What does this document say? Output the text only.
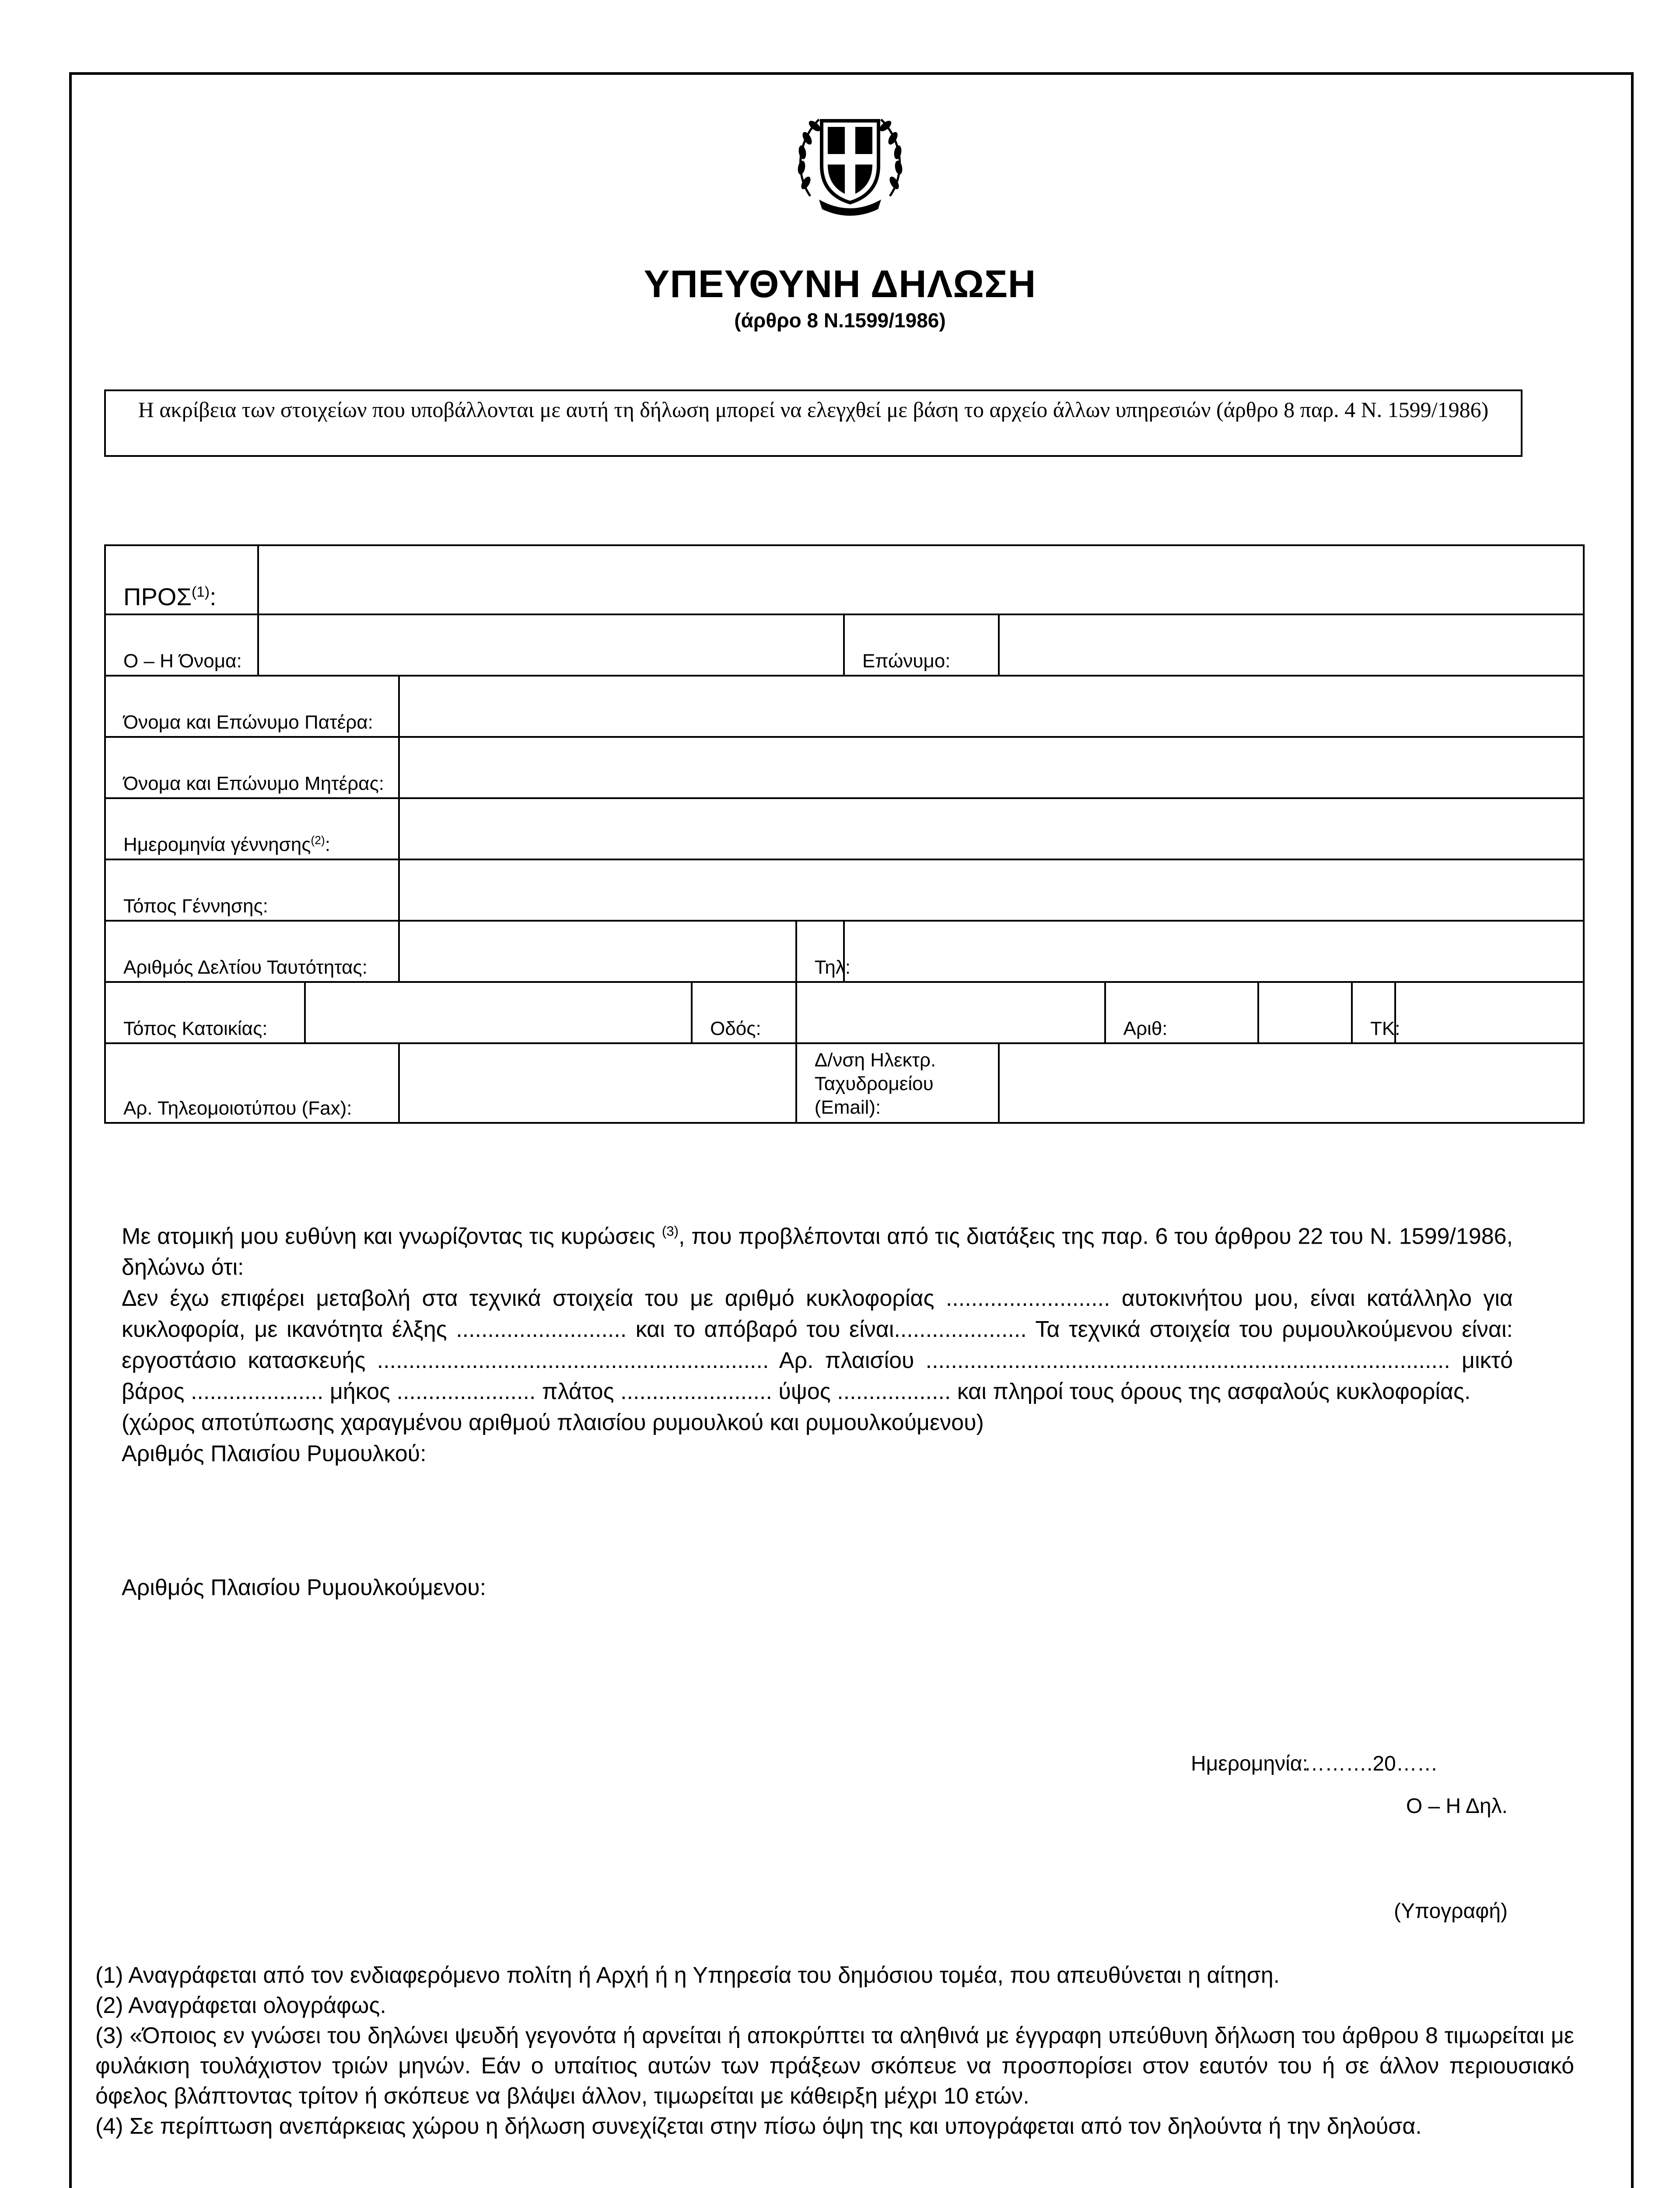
ΥΠΕΥΘΥΝΗ ΔΗΛΩΣΗ
(άρθρο 8 Ν.1599/1986)
Η ακρίβεια των στοιχείων που υποβάλλονται με αυτή τη δήλωση μπορεί να ελεγχθεί με βάση το αρχείο άλλων υπηρεσιών (άρθρο 8 παρ. 4 Ν. 1599/1986)
ΠΡΟΣ$^{(1)}$:											
Ο – Η Όνομα:						Επώνυμο:					
Όνομα και Επώνυμο Πατέρα:											
Όνομα και Επώνυμο Μητέρας:											
Ημερομηνία γέννησης$^{(2)}$:											
Τόπος Γέννησης:											
Αριθμός Δελτίου Ταυτότητας:					Τηλ:						
Τόπος Κατοικίας:				Οδός:				Αριθ:		ΤΚ:	
Αρ. Τηλεομοιοτύπου (Fax):					Δ/νση Ηλεκτρ.
Ταχυδρομείου
(Email):						

Με ατομική μου ευθύνη και γνωρίζοντας τις κυρώσεις $^{(3)}$, που προβλέπονται από τις διατάξεις της παρ. 6 του άρθρου 22 του Ν. 1599/1986, δηλώνω ότι:

Δεν έχω επιφέρει μεταβολή στα τεχνικά στοιχεία του με αριθμό κυκλοφορίας .......................... αυτοκινήτου μου, είναι κατάλληλο για κυκλοφορία, με ικανότητα έλξης ........................... και το απόβαρό του είναι..................... Τα τεχνικά στοιχεία του ρυμουλκούμενου είναι: εργοστάσιο κατασκευής .............................................................. Αρ. πλαισίου ................................................................................... μικτό βάρος ..................... μήκος ...................... πλάτος ........................ ύψος .................. και πληροί τους όρους της ασφαλούς κυκλοφορίας.

(χώρος αποτύπωσης χαραγμένου αριθμού πλαισίου ρυμουλκού και ρυμουλκούμενου)

Αριθμός Πλαισίου Ρυμουλκού:

Αριθμός Πλαισίου Ρυμουλκούμενου:
Ημερομηνία:
……….20……
Ο – Η Δηλ.
(Υπογραφή)

(1) Αναγράφεται από τον ενδιαφερόμενο πολίτη ή Αρχή ή η Υπηρεσία του δημόσιου τομέα, που απευθύνεται η αίτηση.

(2) Αναγράφεται ολογράφως.

(3) «Όποιος εν γνώσει του δηλώνει ψευδή γεγονότα ή αρνείται ή αποκρύπτει τα αληθινά με έγγραφη υπεύθυνη δήλωση του άρθρου 8 τιμωρείται με φυλάκιση τουλάχιστον τριών μηνών. Εάν ο υπαίτιος αυτών των πράξεων σκόπευε να προσπορίσει στον εαυτόν του ή σε άλλον περιουσιακό όφελος βλάπτοντας τρίτον ή σκόπευε να βλάψει άλλον, τιμωρείται με κάθειρξη μέχρι 10 ετών.

(4) Σε περίπτωση ανεπάρκειας χώρου η δήλωση συνεχίζεται στην πίσω όψη της και υπογράφεται από τον δηλούντα ή την δηλούσα.
